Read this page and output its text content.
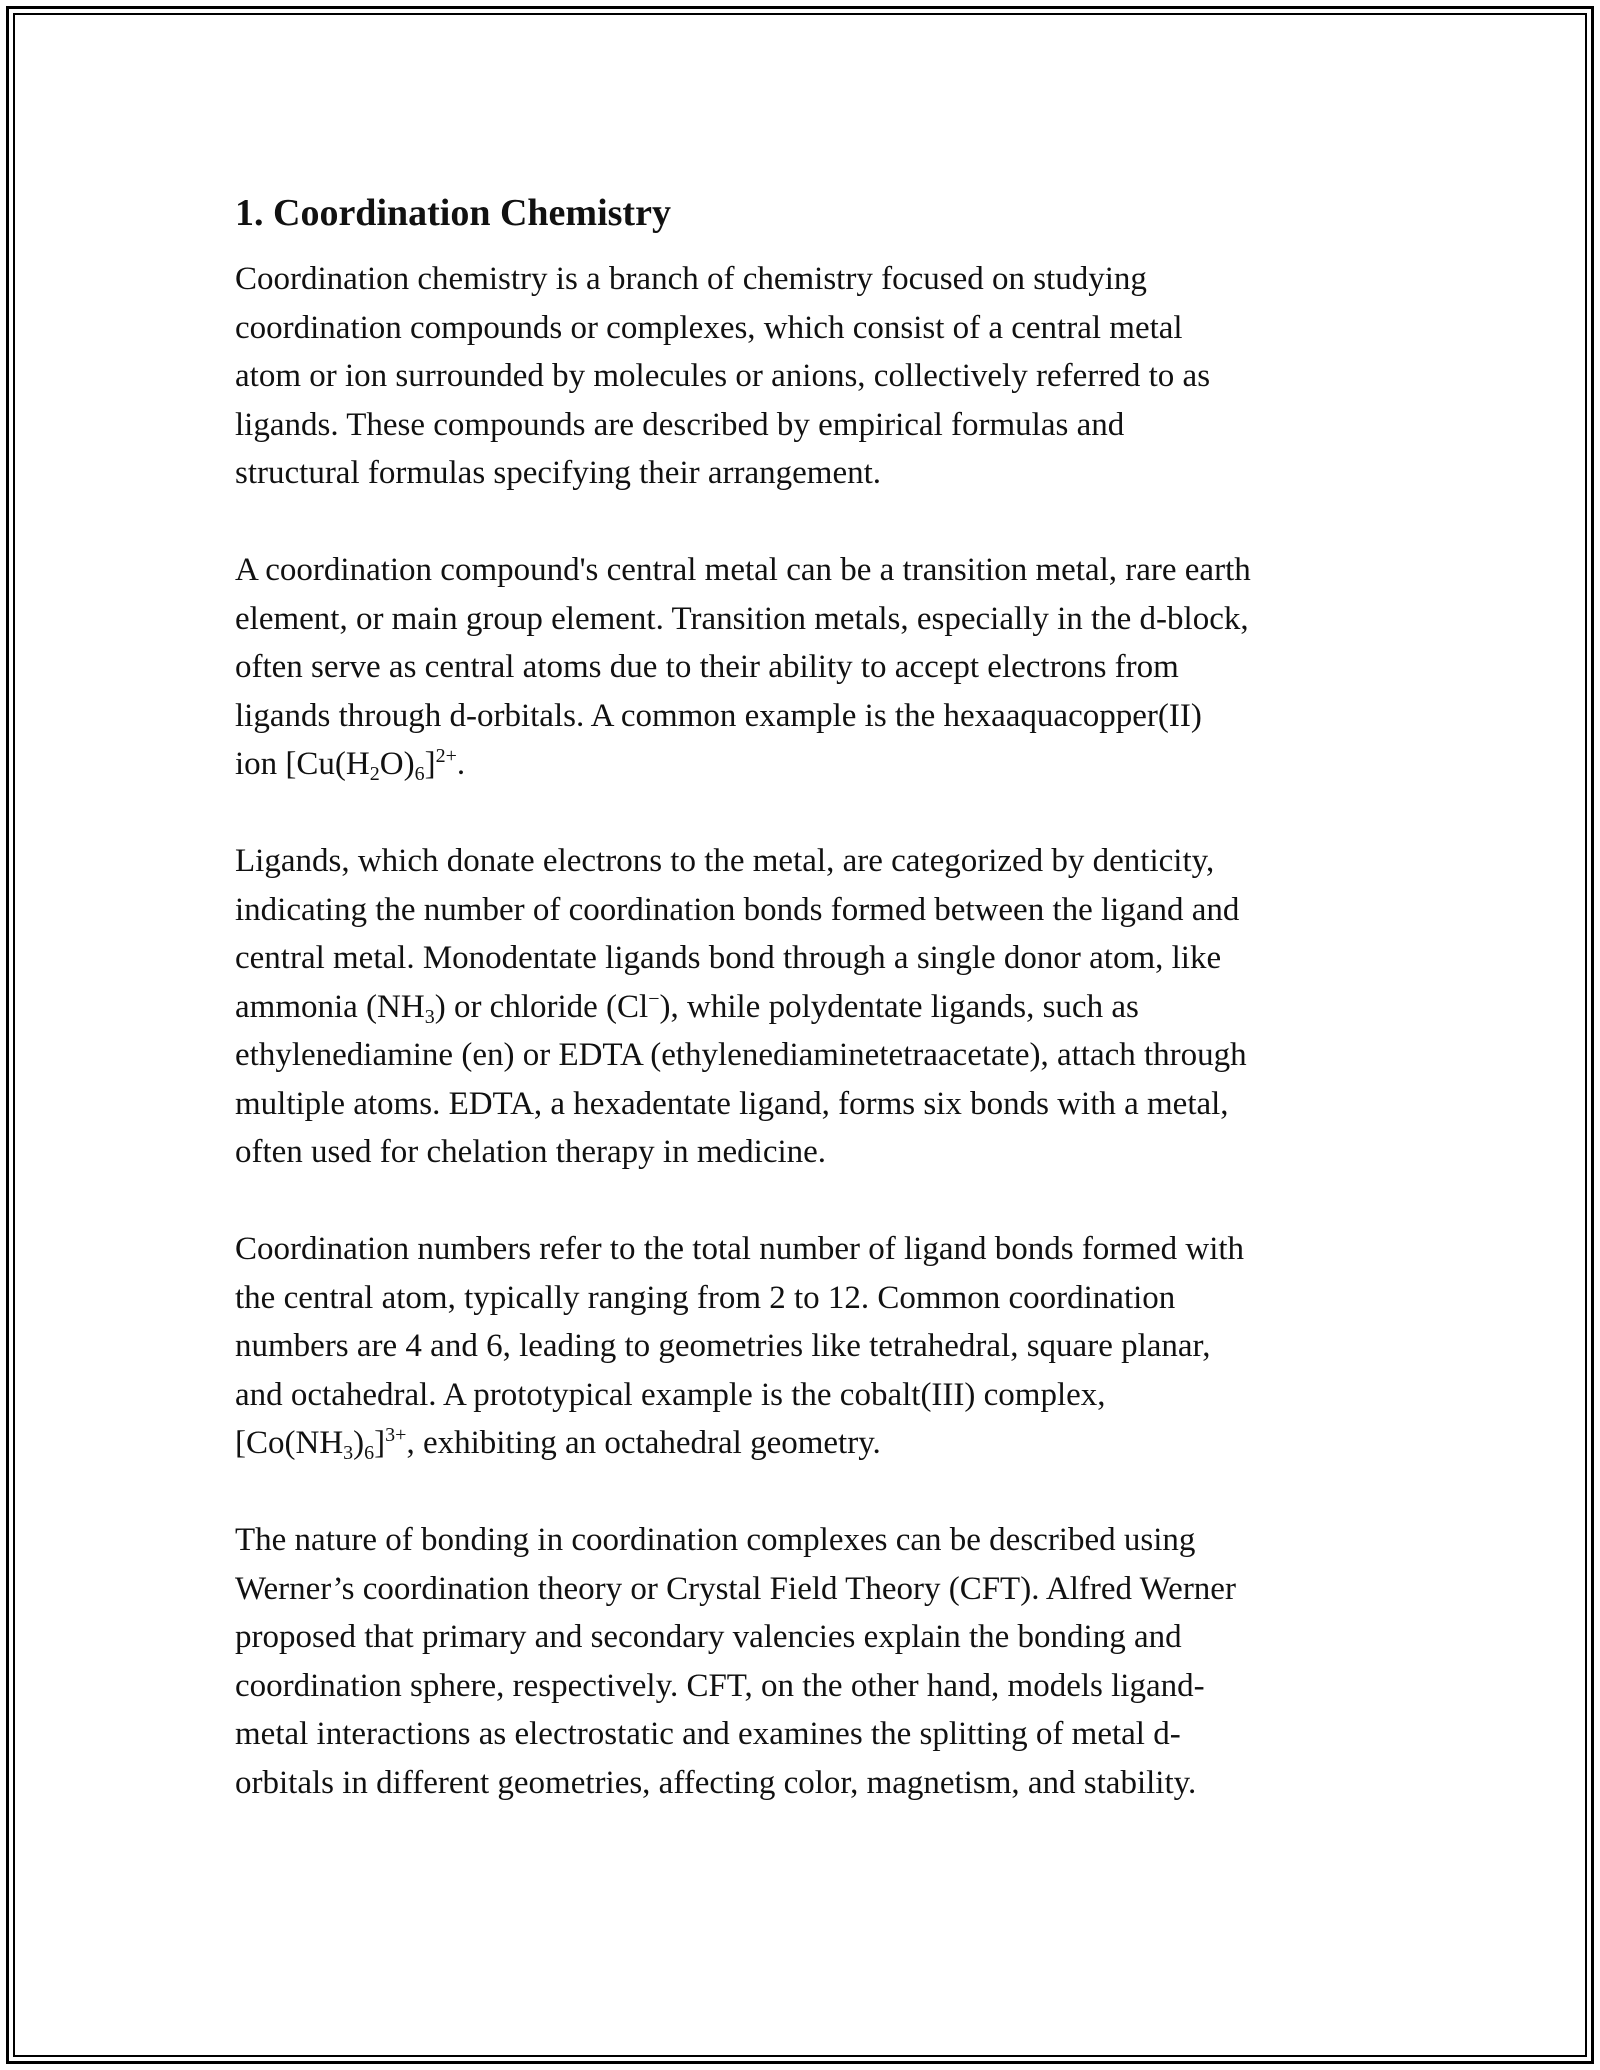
1. Coordination Chemistry

Coordination chemistry is a branch of chemistry focused on studying
coordination compounds or complexes, which consist of a central metal
atom or ion surrounded by molecules or anions, collectively referred to as
ligands. These compounds are described by empirical formulas and
structural formulas specifying their arrangement.

A coordination compound's central metal can be a transition metal, rare earth
element, or main group element. Transition metals, especially in the d-block,
often serve as central atoms due to their ability to accept electrons from
ligands through d-orbitals. A common example is the hexaaquacopper(II)
ion $[Cu(H_2O)_6]^{2+}$.

Ligands, which donate electrons to the metal, are categorized by denticity,
indicating the number of coordination bonds formed between the ligand and
central metal. Monodentate ligands bond through a single donor atom, like
ammonia $(NH_3)$ or chloride (Cl−), while polydentate ligands, such as
ethylenediamine (en) or EDTA (ethylenediaminetetraacetate), attach through
multiple atoms. EDTA, a hexadentate ligand, forms six bonds with a metal,
often used for chelation therapy in medicine.

Coordination numbers refer to the total number of ligand bonds formed with
the central atom, typically ranging from 2 to 12. Common coordination
numbers are 4 and 6, leading to geometries like tetrahedral, square planar,
and octahedral. A prototypical example is the cobalt(III) complex,
$[Co(NH_3)_6]^{3+}$, exhibiting an octahedral geometry.

The nature of bonding in coordination complexes can be described using
Werner’s coordination theory or Crystal Field Theory (CFT). Alfred Werner
proposed that primary and secondary valencies explain the bonding and
coordination sphere, respectively. CFT, on the other hand, models ligand-
metal interactions as electrostatic and examines the splitting of metal d-
orbitals in different geometries, affecting color, magnetism, and stability.
